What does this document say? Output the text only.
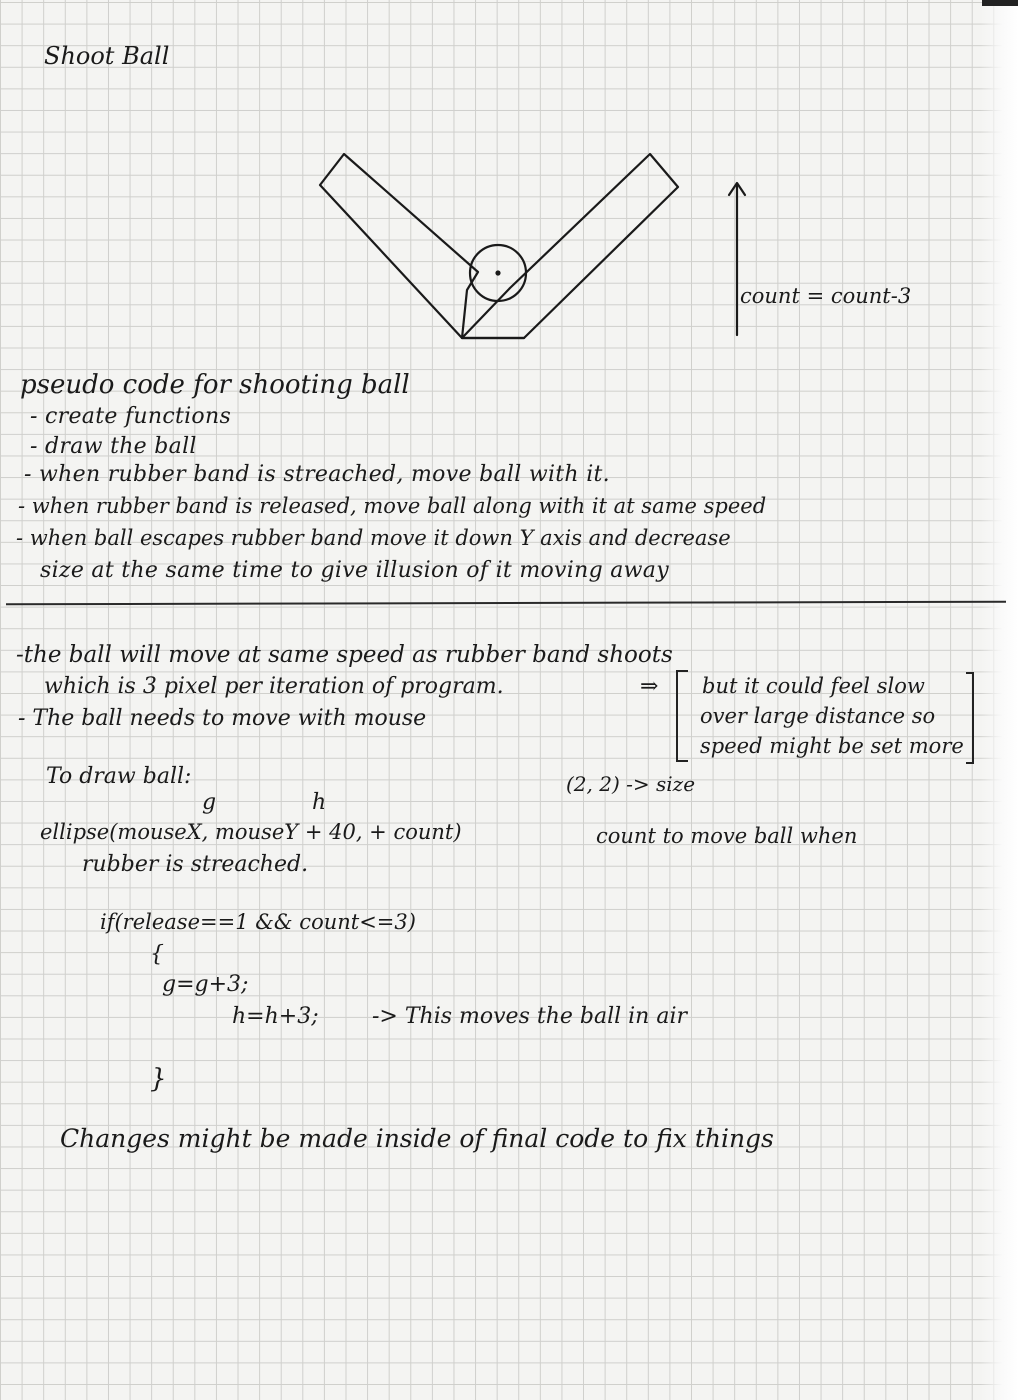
Shoot Ball
count = count-3
pseudo code for shooting ball
- create functions
- draw the ball
- when rubber band is streached, move ball with it.
- when rubber band is released, move ball along with it at same speed
- when ball escapes rubber band move it down Y axis and decrease
size at the same time to give illusion of it moving away
-the ball will move at same speed as rubber band shoots
which is 3 pixel per iteration of program.
- The ball needs to move with mouse
⇒ but it could feel slow
over large distance so
speed might be set more
To draw ball:
g	h
(2, 2) -> size
ellipse(mouseX, mouseY + 40, + count)	count to move ball when
rubber is streached.
if(release==1 && count<=3)
{
g=g+3;
h=h+3; -> This moves the ball in air
}
Changes might be made inside of final code to fix things
